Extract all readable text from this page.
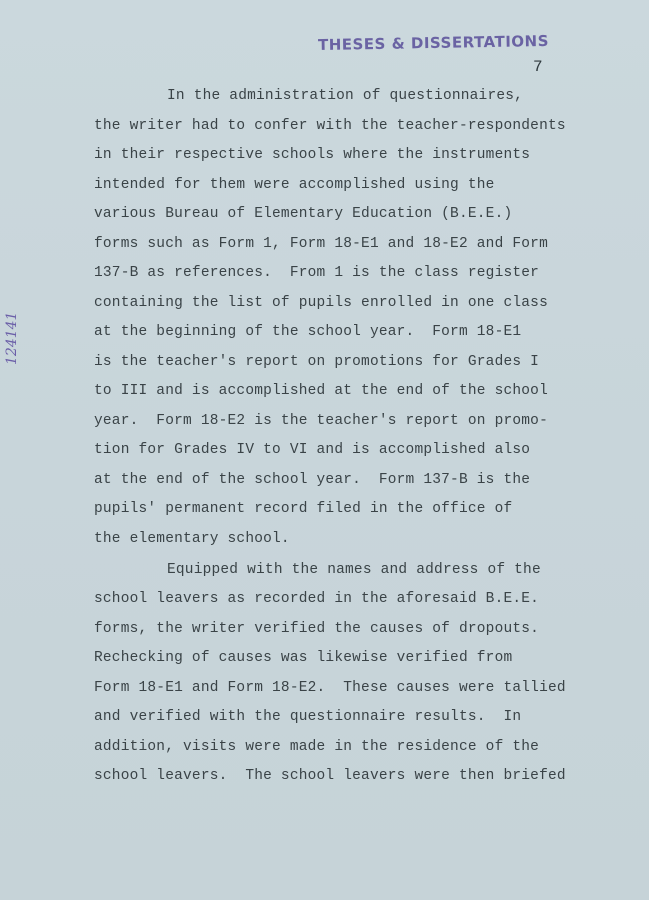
THESES & DISSERTATIONS
7
124141
In the administration of questionnaires,
the writer had to confer with the teacher-respondents
in their respective schools where the instruments
intended for them were accomplished using the
various Bureau of Elementary Education (B.E.E.)
forms such as Form 1, Form 18-E1 and 18-E2 and Form
137-B as references.  From 1 is the class register
containing the list of pupils enrolled in one class
at the beginning of the school year.  Form 18-E1
is the teacher's report on promotions for Grades I
to III and is accomplished at the end of the school
year.  Form 18-E2 is the teacher's report on promo-
tion for Grades IV to VI and is accomplished also
at the end of the school year.  Form 137-B is the
pupils' permanent record filed in the office of
the elementary school.
Equipped with the names and address of the
school leavers as recorded in the aforesaid B.E.E.
forms, the writer verified the causes of dropouts.
Rechecking of causes was likewise verified from
Form 18-E1 and Form 18-E2.  These causes were tallied
and verified with the questionnaire results.  In
addition, visits were made in the residence of the
school leavers.  The school leavers were then briefed
